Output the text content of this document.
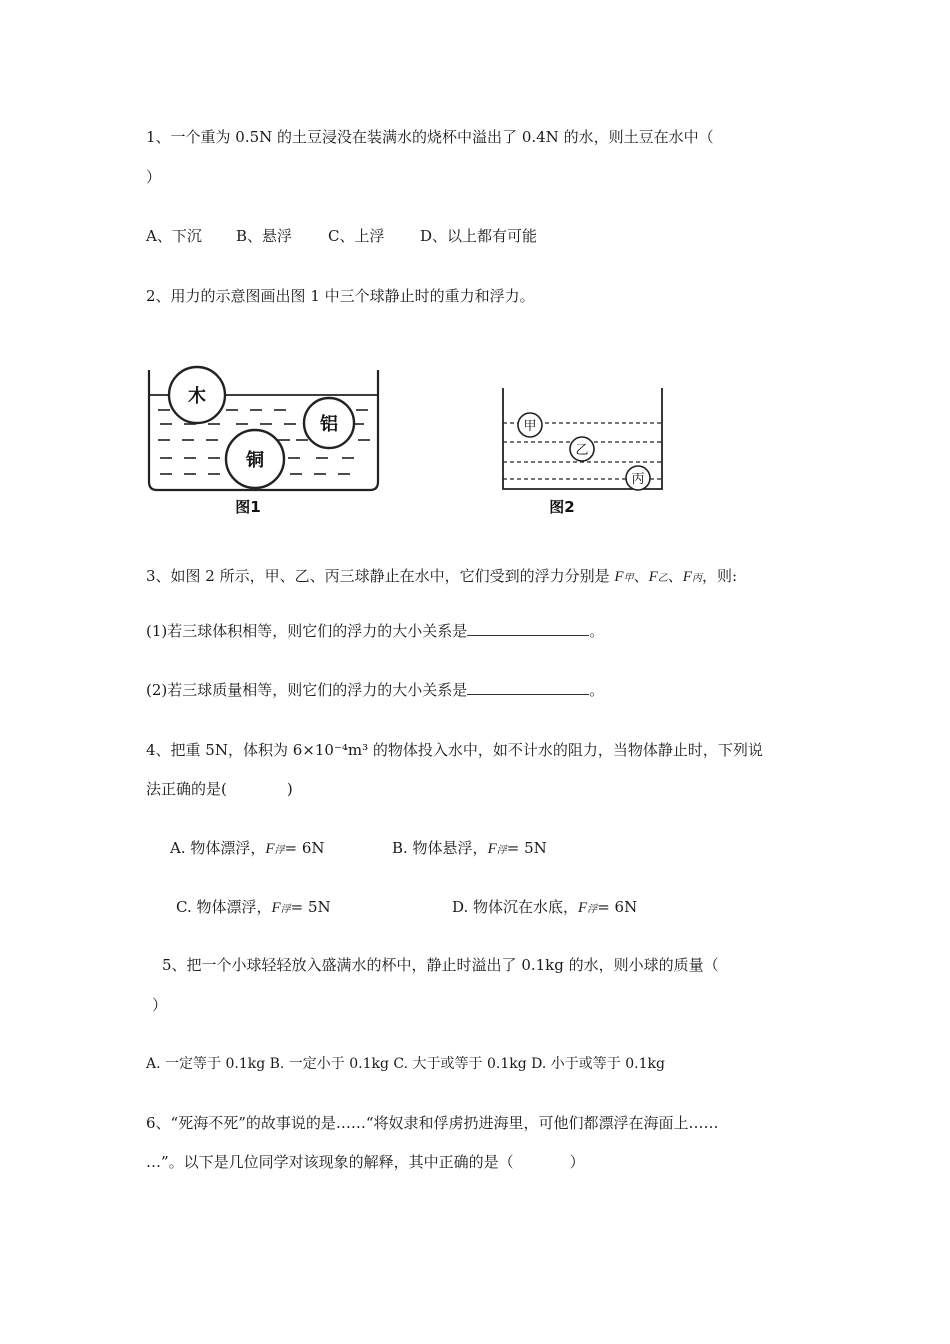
1、一个重为 0.5N 的土豆浸没在装满水的烧杯中溢出了 0.4N 的水，则土豆在水中（
）
A、下沉 B、悬浮 C、上浮 D、以上都有可能
2、用力的示意图画出图 1 中三个球静止时的重力和浮力。
木
铝
铜
图1
甲
乙
丙
图2
3、如图 2 所示，甲、乙、丙三球静止在水中，它们受到的浮力分别是 F甲、F乙、F丙，则:
(1)若三球体积相等，则它们的浮力的大小关系是	。
(2)若三球质量相等，则它们的浮力的大小关系是	。
4、把重 5N，体积为 6×10⁻⁴m³ 的物体投入水中，如不计水的阻力，当物体静止时，下列说
法正确的是(	)
A. 物体漂浮，F浮= 6N	B. 物体悬浮，F浮= 5N
C. 物体漂浮，F浮= 5N	D. 物体沉在水底，F浮= 6N
5、把一个小球轻轻放入盛满水的杯中，静止时溢出了 0.1kg 的水，则小球的质量（
）
A. 一定等于 0.1kg B. 一定小于 0.1kg C. 大于或等于 0.1kg D. 小于或等于 0.1kg
6、“死海不死”的故事说的是……“将奴隶和俘虏扔进海里，可他们都漂浮在海面上……
…”。以下是几位同学对该现象的解释，其中正确的是（	）
